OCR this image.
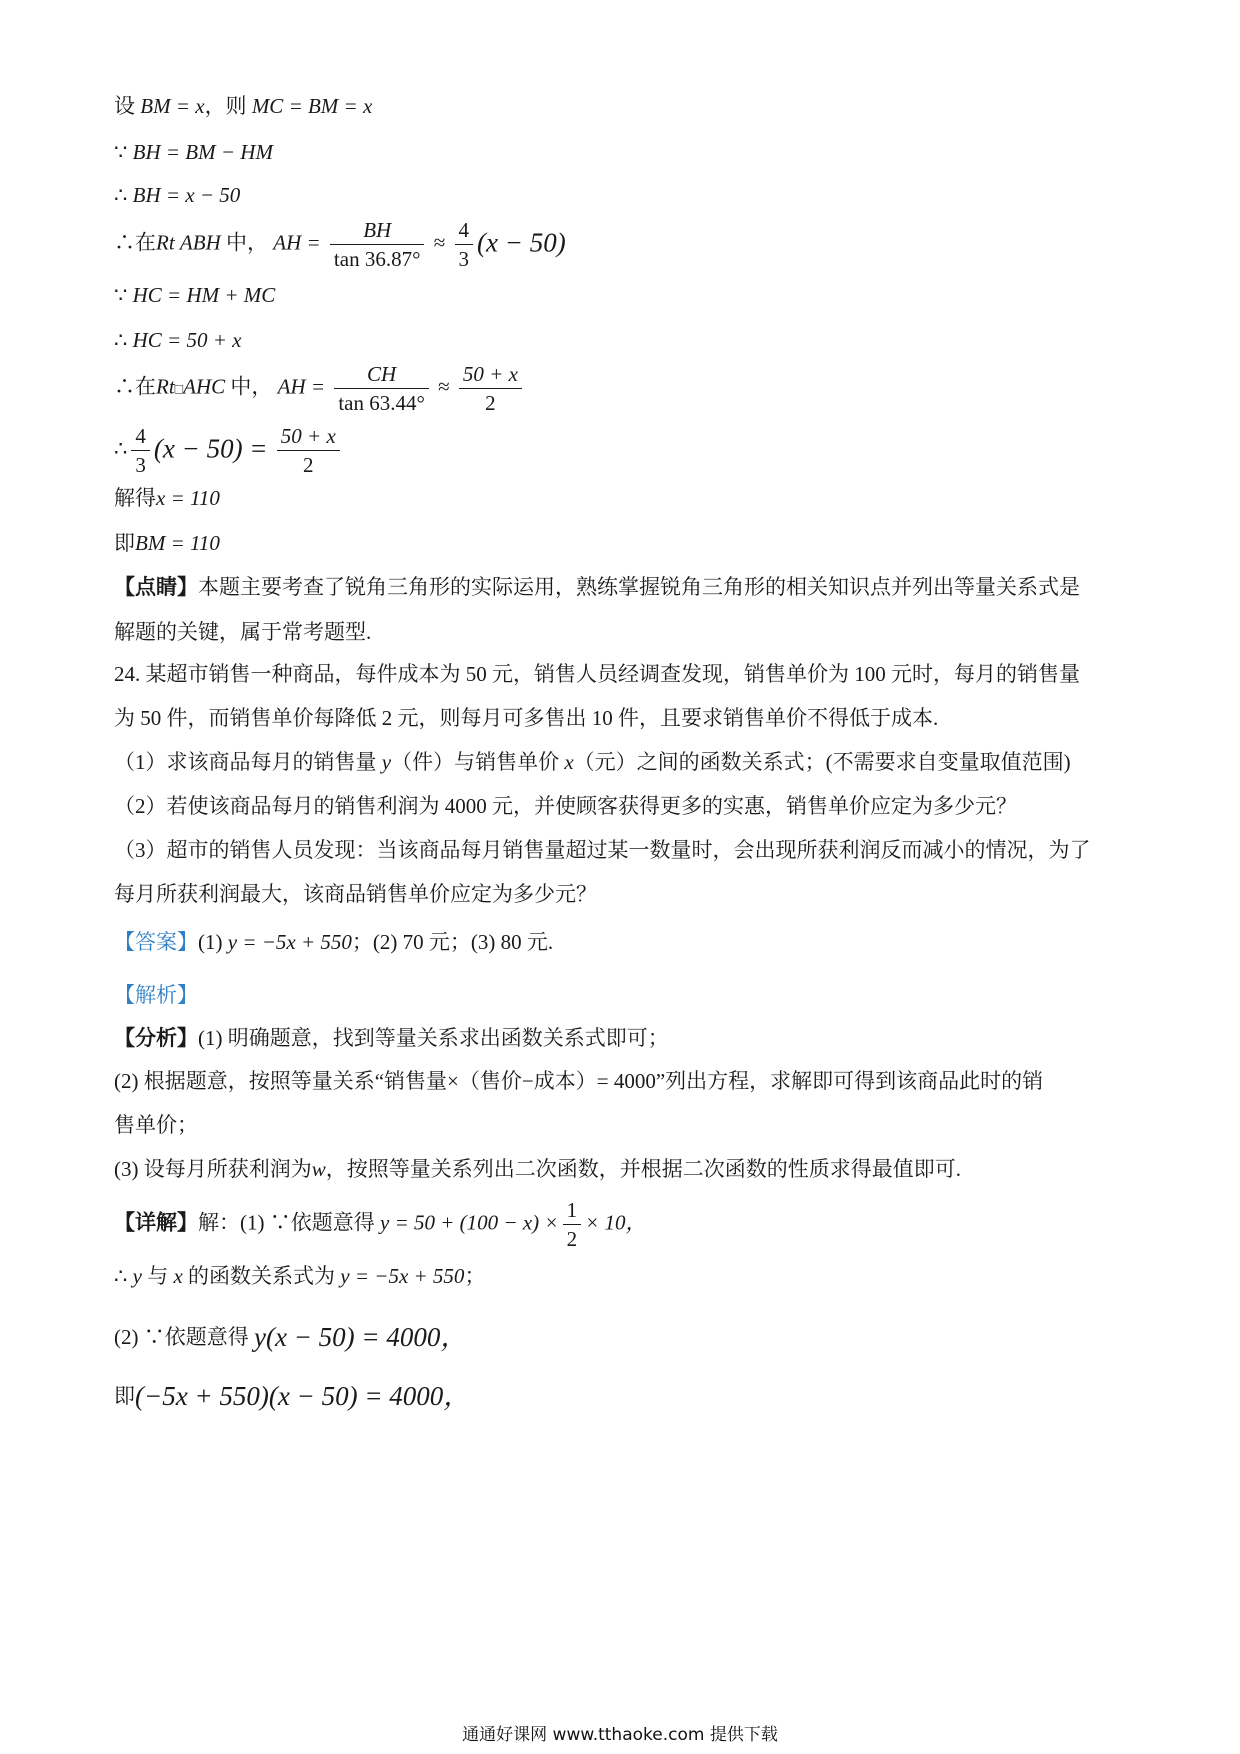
设 BM = x，则 MC = BM = x
∵ BH = BM − HM
∴ BH = x − 50
∴在Rt ABH 中， AH = $\frac{BH}{\tan 36.87^\circ} \approx \frac{4}{3} (x - 50)$
∵ HC = HM + MC
∴ HC = 50 + x
∴在Rt□AHC 中， AH = $\frac{CH}{\tan 63.44^\circ} \approx \frac{50 + x}{2}$
∴ $\frac{4}{3} (x - 50) = \frac{50 + x}{2}$
解得x = 110
即BM = 110
【点睛】本题主要考查了锐角三角形的实际运用，熟练掌握锐角三角形的相关知识点并列出等量关系式是
解题的关键，属于常考题型.
24. 某超市销售一种商品，每件成本为 50 元，销售人员经调查发现，销售单价为 100 元时，每月的销售量
为 50 件，而销售单价每降低 2 元，则每月可多售出 10 件，且要求销售单价不得低于成本.
（1）求该商品每月的销售量 y（件）与销售单价 x（元）之间的函数关系式；(不需要求自变量取值范围)
（2）若使该商品每月的销售利润为 4000 元，并使顾客获得更多的实惠，销售单价应定为多少元？
（3）超市的销售人员发现：当该商品每月销售量超过某一数量时，会出现所获利润反而减小的情况，为了
每月所获利润最大，该商品销售单价应定为多少元？
【答案】(1) y = −5x + 550；(2) 70 元；(3) 80 元.
【解析】
【分析】(1) 明确题意，找到等量关系求出函数关系式即可；
(2) 根据题意，按照等量关系“销售量×（售价−成本）= 4000”列出方程，求解即可得到该商品此时的销
售单价；
(3) 设每月所获利润为w，按照等量关系列出二次函数，并根据二次函数的性质求得最值即可.
【详解】解：(1) ∵依题意得 $y = 50 + (100 - x) \times \frac{1}{2} \times 10$，
∴ y 与 x 的函数关系式为 y = −5x + 550；
(2) ∵依题意得 y(x − 50) = 4000，
即(−5x + 550)(x − 50) = 4000，
通通好课网 www.tthaoke.com 提供下载
